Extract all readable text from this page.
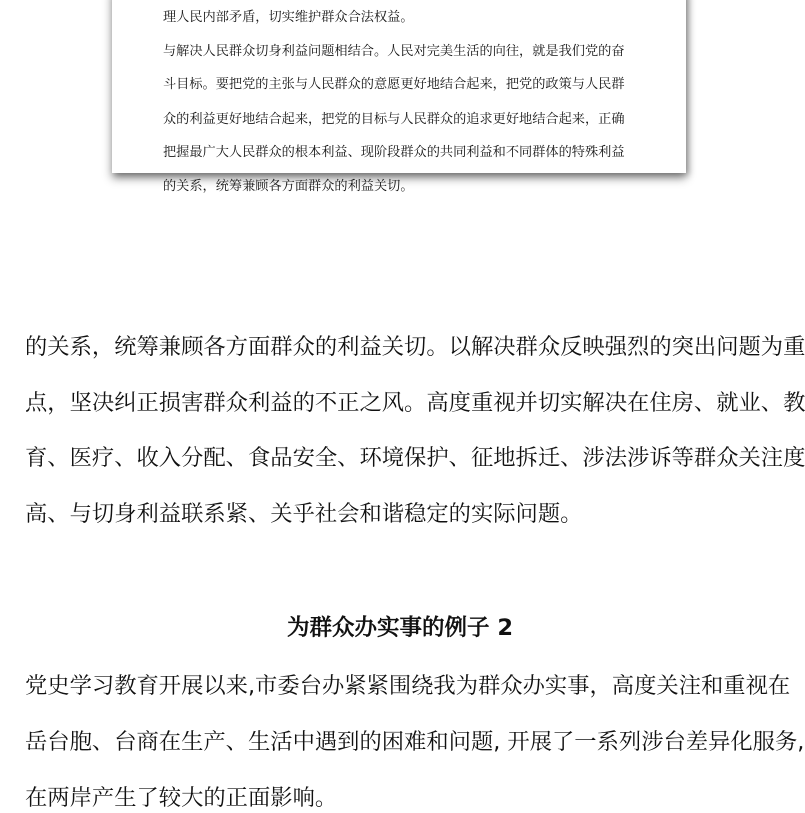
理人民内部矛盾，切实维护群众合法权益。

与解决人民群众切身利益问题相结合。人民对完美生活的向往，就是我们党的奋

斗目标。要把党的主张与人民群众的意愿更好地结合起来，把党的政策与人民群

众的利益更好地结合起来，把党的目标与人民群众的追求更好地结合起来，正确

把握最广大人民群众的根本利益、现阶段群众的共同利益和不同群体的特殊利益

的关系，统筹兼顾各方面群众的利益关切。

的关系，统筹兼顾各方面群众的利益关切。以解决群众反映强烈的突出问题为重

点，坚决纠正损害群众利益的不正之风。高度重视并切实解决在住房、就业、教

育、医疗、收入分配、食品安全、环境保护、征地拆迁、涉法涉诉等群众关注度

高、与切身利益联系紧、关乎社会和谐稳定的实际问题。

为群众办实事的例子 2

党史学习教育开展以来,市委台办紧紧围绕我为群众办实事，高度关注和重视在

岳台胞、台商在生产、生活中遇到的困难和问题, 开展了一系列涉台差异化服务,

在两岸产生了较大的正面影响。
